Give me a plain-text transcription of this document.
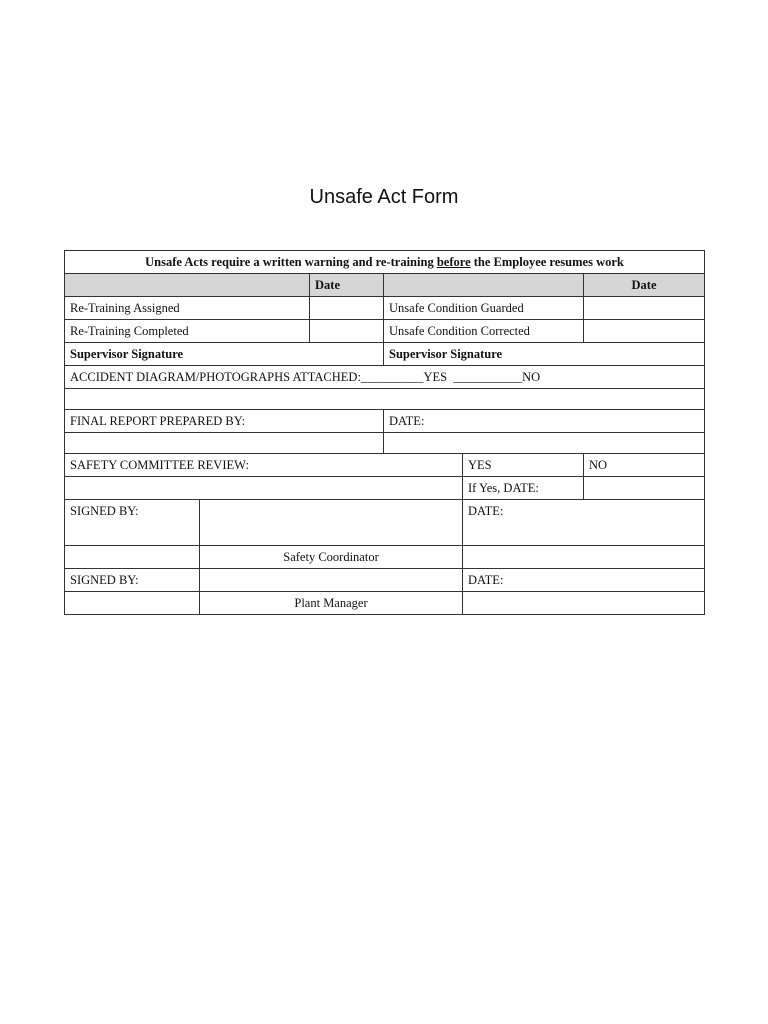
Unsafe Act Form
Unsafe Acts require a written warning and re-training before the Employee resumes work					
		Date			Date
Re-Training Assigned			Unsafe Condition Guarded		
Re-Training Completed			Unsafe Condition Corrected		
Supervisor Signature			Supervisor Signature		
ACCIDENT DIAGRAM/PHOTOGRAPHS ATTACHED:__________YES ___________NO					

FINAL REPORT PREPARED BY:			DATE:		

SAFETY COMMITTEE REVIEW:				YES	NO
				If Yes, DATE:	
SIGNED BY:				DATE:	
	Safety Coordinator				
SIGNED BY:				DATE:	
	Plant Manager				
